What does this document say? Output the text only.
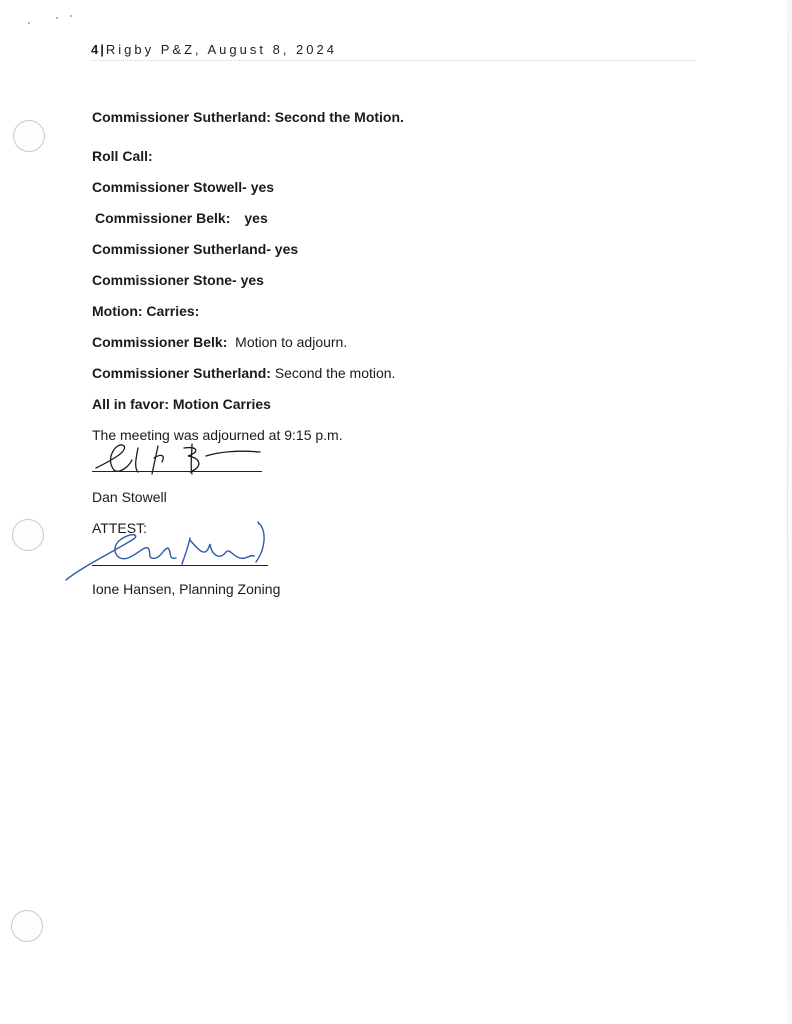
4 | Rigby P&Z, August 8, 2024
Commissioner Sutherland: Second the Motion.
Roll Call:
Commissioner Stowell- yes
Commissioner Belk: yes
Commissioner Sutherland- yes
Commissioner Stone- yes
Motion: Carries:
Commissioner Belk: Motion to adjourn.
Commissioner Sutherland: Second the motion.
All in favor: Motion Carries
The meeting was adjourned at 9:15 p.m.
Dan Stowell
ATTEST:
Ione Hansen, Planning Zoning
